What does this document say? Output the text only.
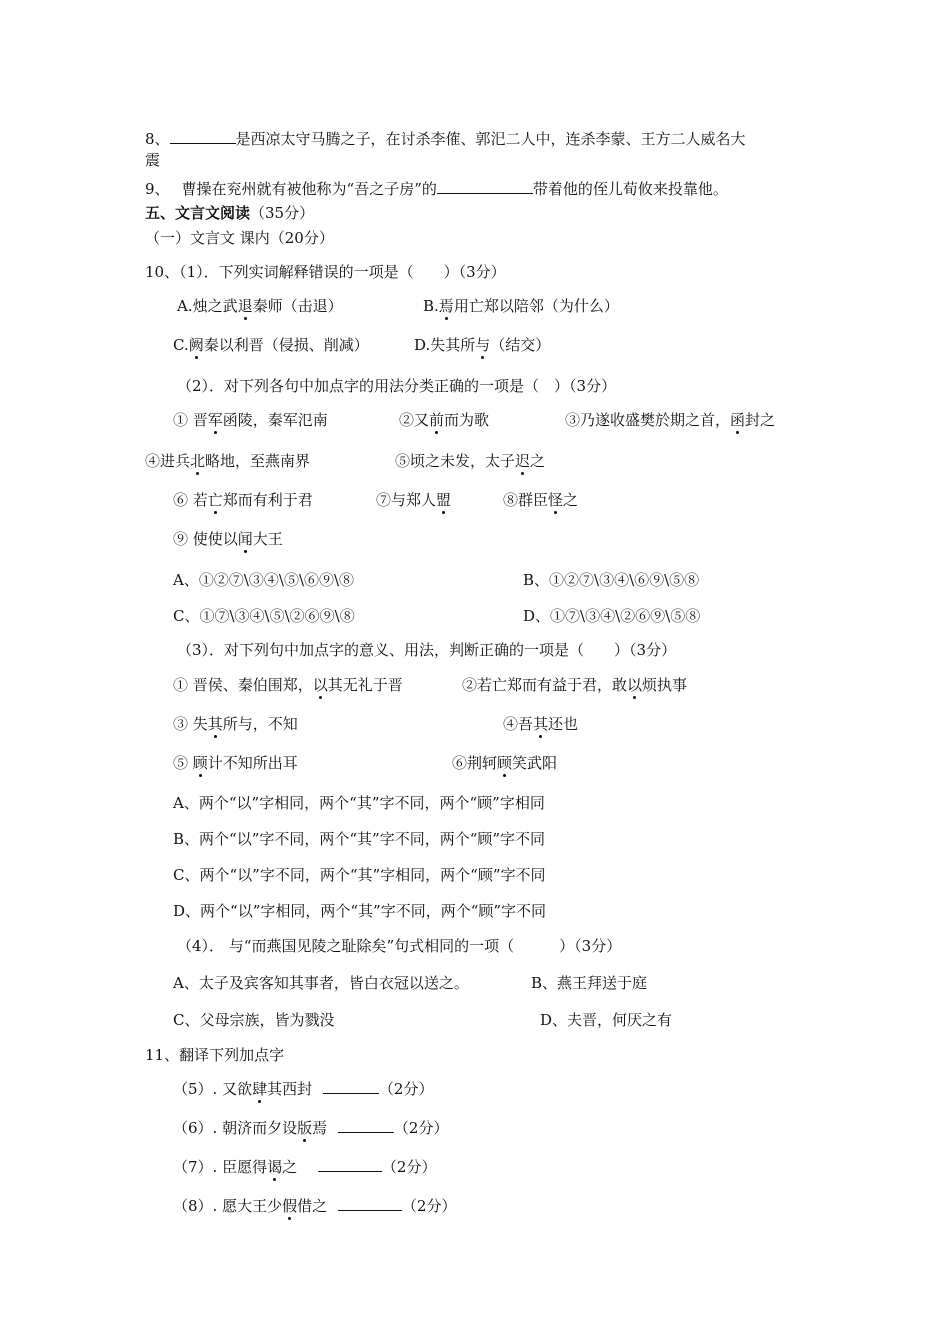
8、	是西凉太守马腾之子，在讨杀李傕、郭汜二人中，连杀李蒙、王方二人威名大
震
9、 曹操在兖州就有被他称为“吾之子房”的	带着他的侄儿荀攸来投靠他。
五、文言文阅读（35分）
（一）文言文 课内（20分）
10、（1）．下列实词解释错误的一项是（　　）（3分）
A.烛之武退秦师（击退）	B.焉用亡郑以陪邻（为什么）
C.阙秦以利晋（侵损、削减）	D.失其所与（结交）
（2）．对下列各句中加点字的用法分类正确的一项是（　）（3分）
① 晋军函陵，秦军氾南	②又前而为歌	③乃遂收盛樊於期之首，函封之
④进兵北略地，至燕南界	⑤顷之未发，太子迟之
⑥ 若亡郑而有利于君	⑦与郑人盟	⑧群臣怪之
⑨ 使使以闻大王
A、①②⑦\③④\⑤\⑥⑨\⑧	B、①②⑦\③④\⑥⑨\⑤⑧
C、①⑦\③④\⑤\②⑥⑨\⑧	D、①⑦\③④\②⑥⑨\⑤⑧
（3）．对下列句中加点字的意义、用法，判断正确的一项是（　　）（3分）
① 晋侯、秦伯围郑，以其无礼于晋	②若亡郑而有益于君，敢以烦执事
③ 失其所与，不知	④吾其还也
⑤ 顾计不知所出耳	⑥荆轲顾笑武阳
A、两个“以”字相同，两个“其”字不同，两个“顾”字相同
B、两个“以”字不同，两个“其”字不同，两个“顾”字不同
C、两个“以”字不同，两个“其”字相同，两个“顾”字不同
D、两个“以”字相同，两个“其”字不同，两个“顾”字不同
（4）． 与“而燕国见陵之耻除矣”句式相同的一项（　　　）（3分）
A、太子及宾客知其事者，皆白衣冠以送之。	B、燕王拜送于庭
C、父母宗族，皆为戮没	D、夫晋，何厌之有
11、翻译下列加点字
（5）. 又欲肆其西封	（2分）
（6）. 朝济而夕设版焉	（2分）
（7）. 臣愿得谒之	（2分）
（8）. 愿大王少假借之	（2分）
